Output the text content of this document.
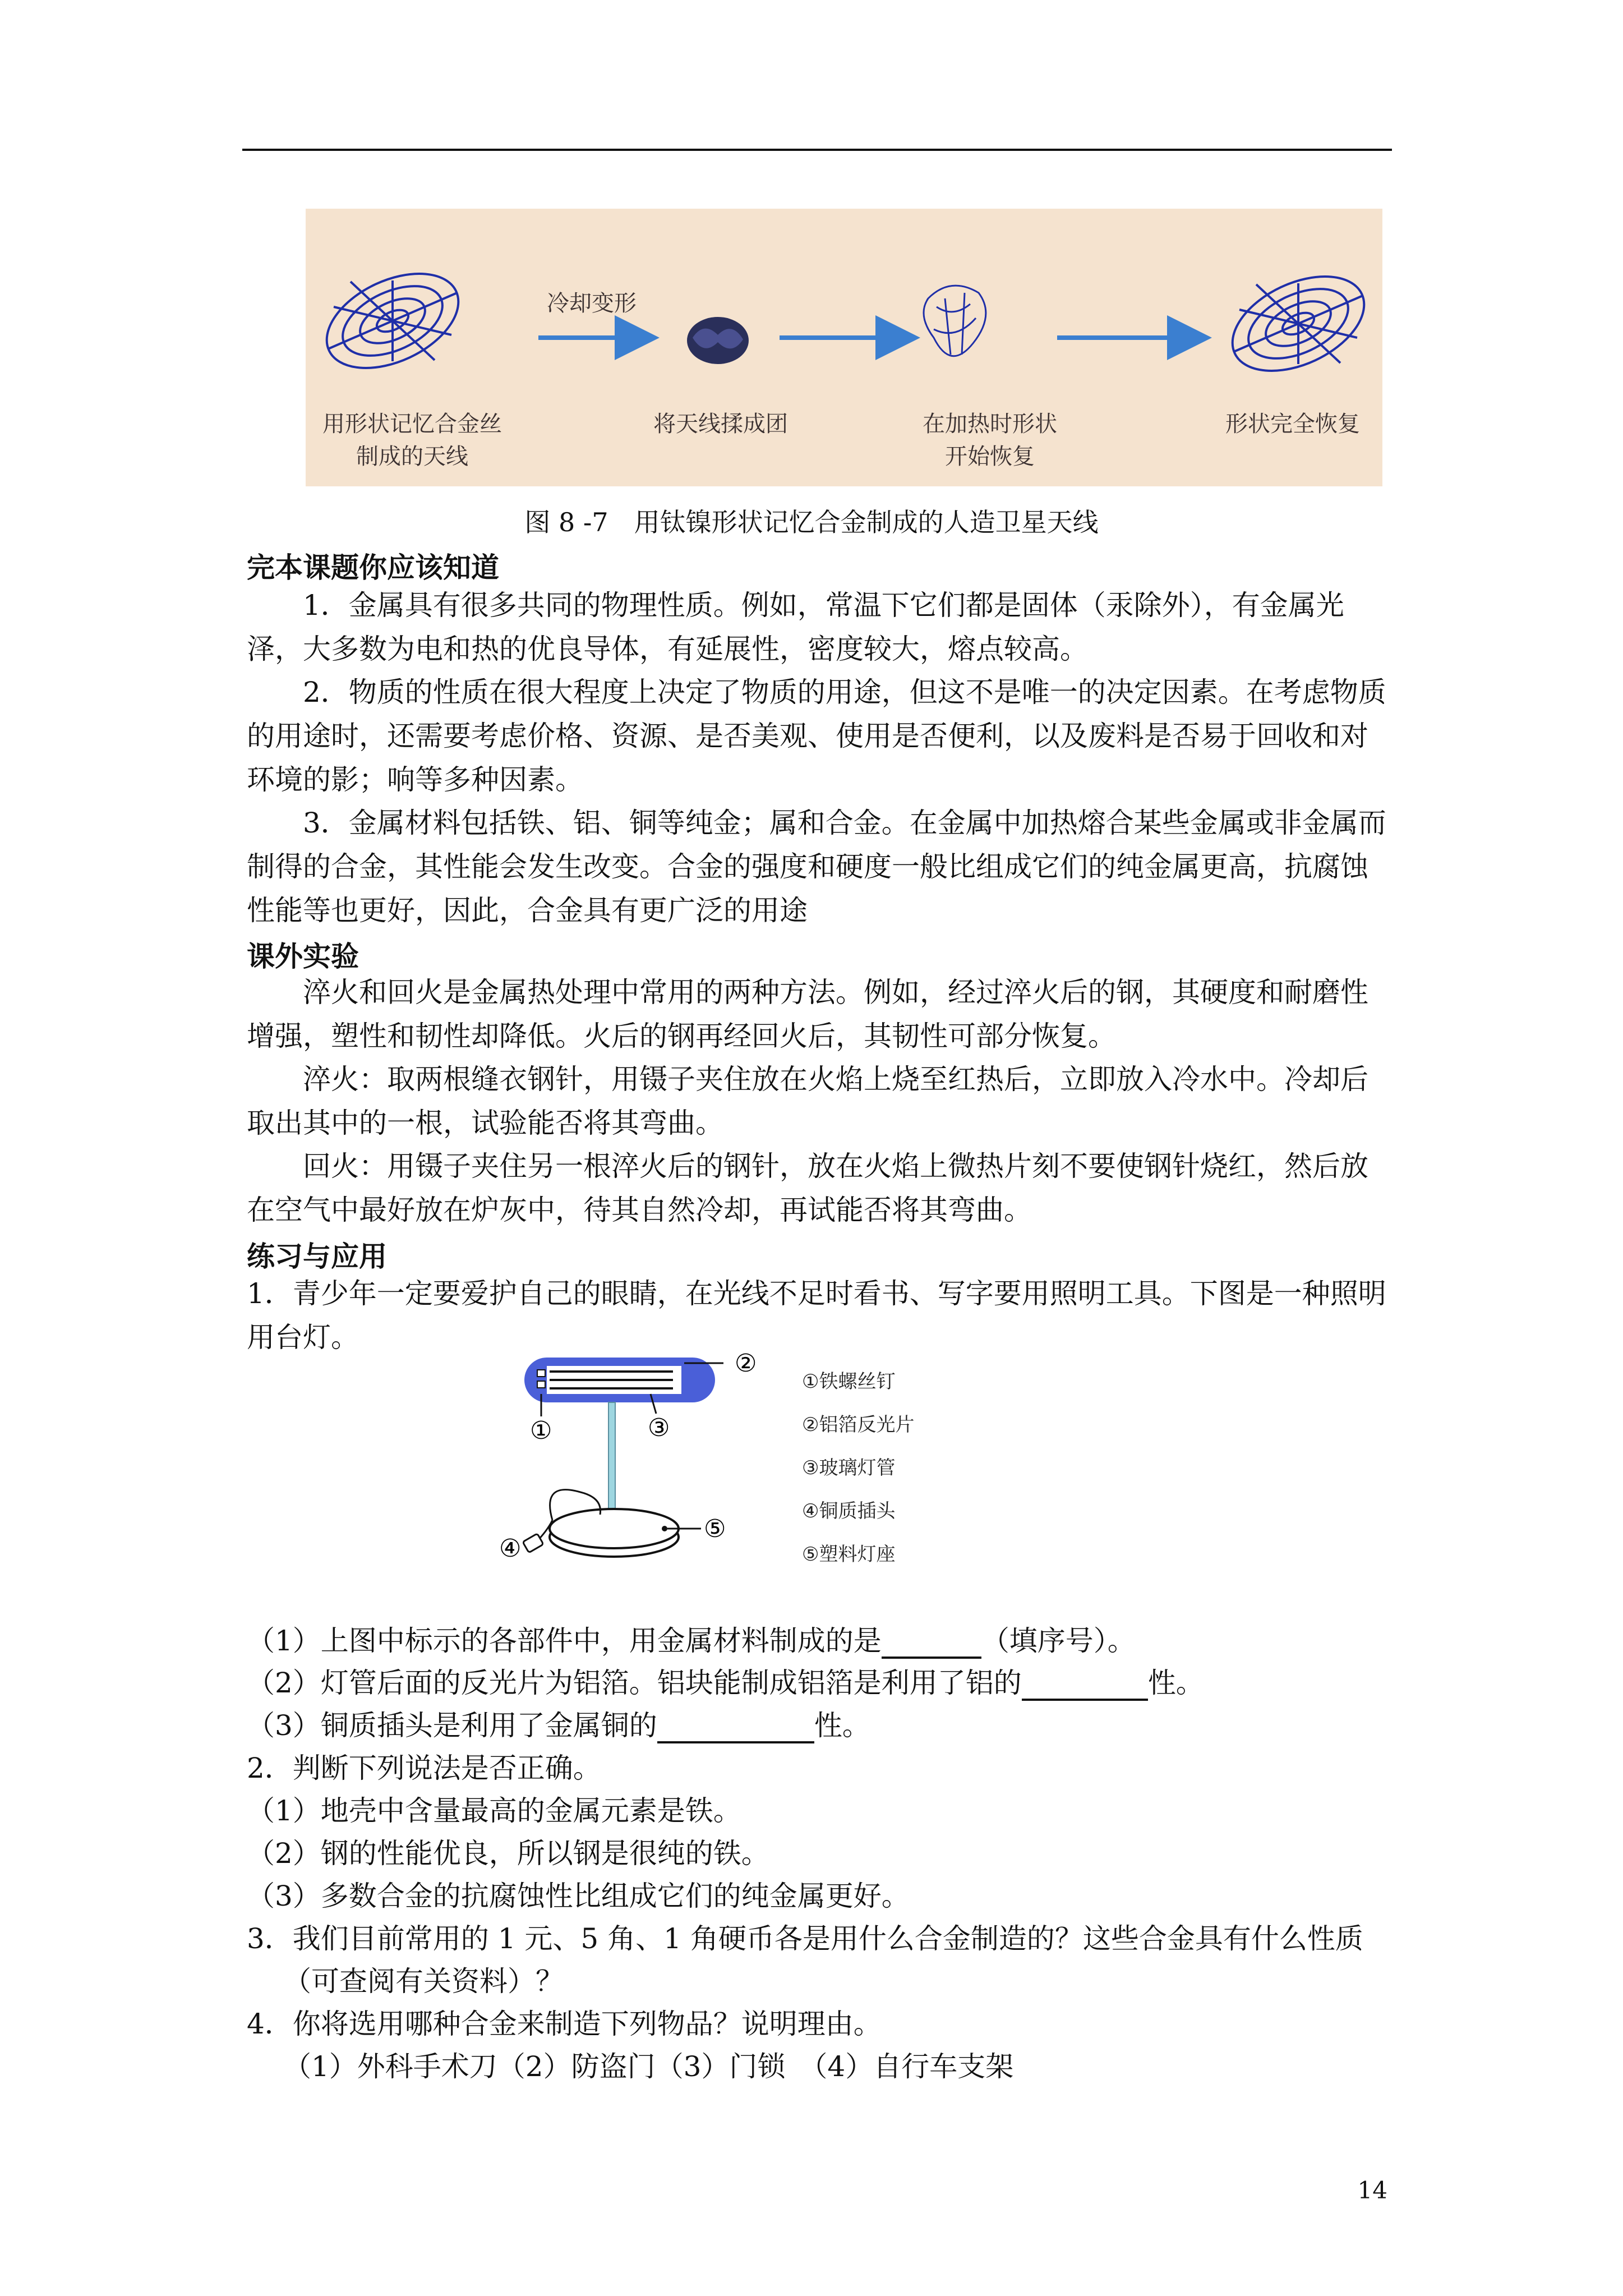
冷却变形
用形状记忆合金丝
制成的天线
将天线揉成团	在加热时形状
开始恢复
形状完全恢复
图 8 -7　用钛镍形状记忆合金制成的人造卫星天线
完本课题你应该知道
1．金属具有很多共同的物理性质。例如，常温下它们都是固体（汞除外），有金属光泽，大多数为电和热的优良导体，有延展性，密度较大，熔点较高。
2．物质的性质在很大程度上决定了物质的用途，但这不是唯一的决定因素。在考虑物质的用途时，还需要考虑价格、资源、是否美观、使用是否便利，以及废料是否易于回收和对环境的影；响等多种因素。
3．金属材料包括铁、铝、铜等纯金；属和合金。在金属中加热熔合某些金属或非金属而制得的合金，其性能会发生改变。合金的强度和硬度一般比组成它们的纯金属更高，抗腐蚀性能等也更好，因此，合金具有更广泛的用途
课外实验
淬火和回火是金属热处理中常用的两种方法。例如，经过淬火后的钢，其硬度和耐磨性增强，塑性和韧性却降低。火后的钢再经回火后，其韧性可部分恢复。
淬火：取两根缝衣钢针，用镊子夹住放在火焰上烧至红热后，立即放入冷水中。冷却后取出其中的一根，试验能否将其弯曲。
回火：用镊子夹住另一根淬火后的钢针，放在火焰上微热片刻不要使钢针烧红，然后放在空气中最好放在炉灰中，待其自然冷却，再试能否将其弯曲。
练习与应用
1．青少年一定要爱护自己的眼睛，在光线不足时看书、写字要用照明工具。下图是一种照明用台灯。
②
①	③
④
⑤
①铁螺丝钉
②铝箔反光片
③玻璃灯管
④铜质插头
⑤塑料灯座
（1）上图中标示的各部件中，用金属材料制成的是	（填序号）。
（2）灯管后面的反光片为铝箔。铝块能制成铝箔是利用了铝的	性。
（3）铜质插头是利用了金属铜的	性。
2．判断下列说法是否正确。
（1）地壳中含量最高的金属元素是铁。
（2）钢的性能优良，所以钢是很纯的铁。
（3）多数合金的抗腐蚀性比组成它们的纯金属更好。
3．我们目前常用的 1 元、5 角、1 角硬币各是用什么合金制造的？这些合金具有什么性质
（可查阅有关资料）？
4．你将选用哪种合金来制造下列物品？说明理由。
（1）外科手术刀（2）防盗门（3）门锁　（4）自行车支架
14
